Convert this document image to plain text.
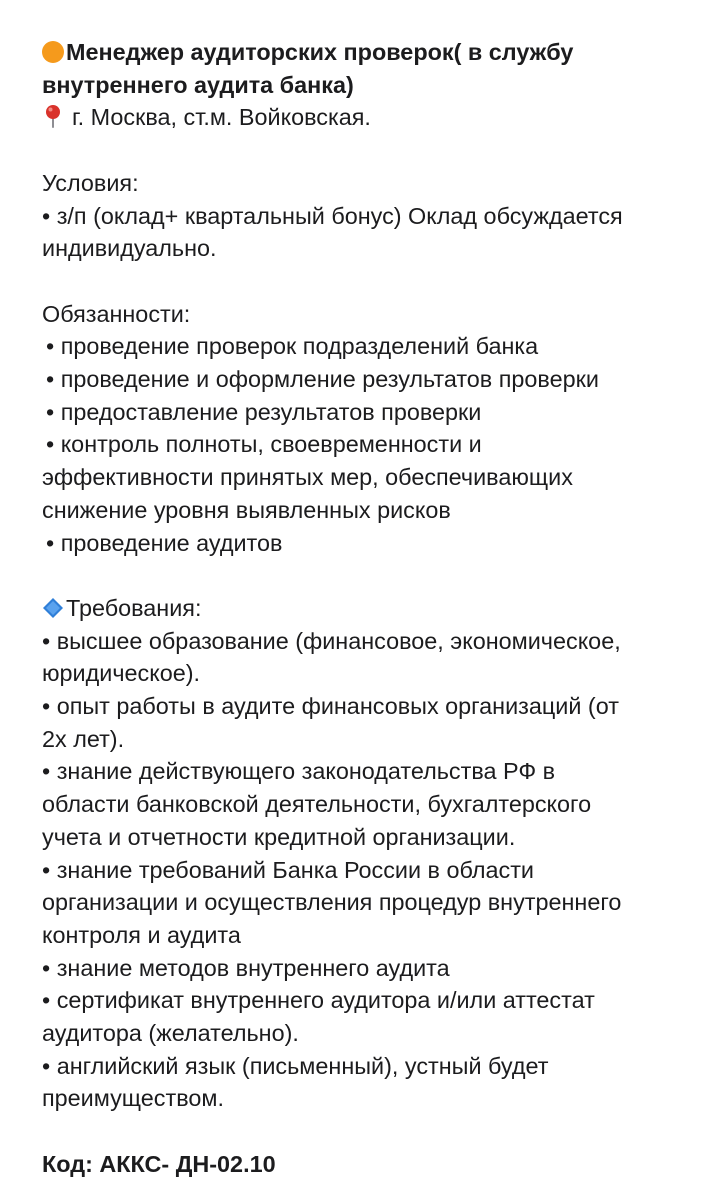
Менеджер аудиторских проверок( в службу
внутреннего аудита банка)
г. Москва, ст.м. Войковская.
Условия:
• з/п (оклад+ квартальный бонус) Оклад обсуждается
индивидуально.
Обязанности:
• проведение проверок подразделений банка
• проведение и оформление результатов проверки
• предоставление результатов проверки
• контроль полноты, своевременности и
эффективности принятых мер, обеспечивающих
снижение уровня выявленных рисков
• проведение аудитов
Требования:
• высшее образование (финансовое, экономическое,
юридическое).
• опыт работы в аудите финансовых организаций (от
2х лет).
• знание действующего законодательства РФ в
области банковской деятельности, бухгалтерского
учета и отчетности кредитной организации.
• знание требований Банка России в области
организации и осуществления процедур внутреннего
контроля и аудита
• знание методов внутреннего аудита
• сертификат внутреннего аудитора и/или аттестат
аудитора (желательно).
• английский язык (письменный), устный будет
преимуществом.
Код: АККС- ДН-02.10
